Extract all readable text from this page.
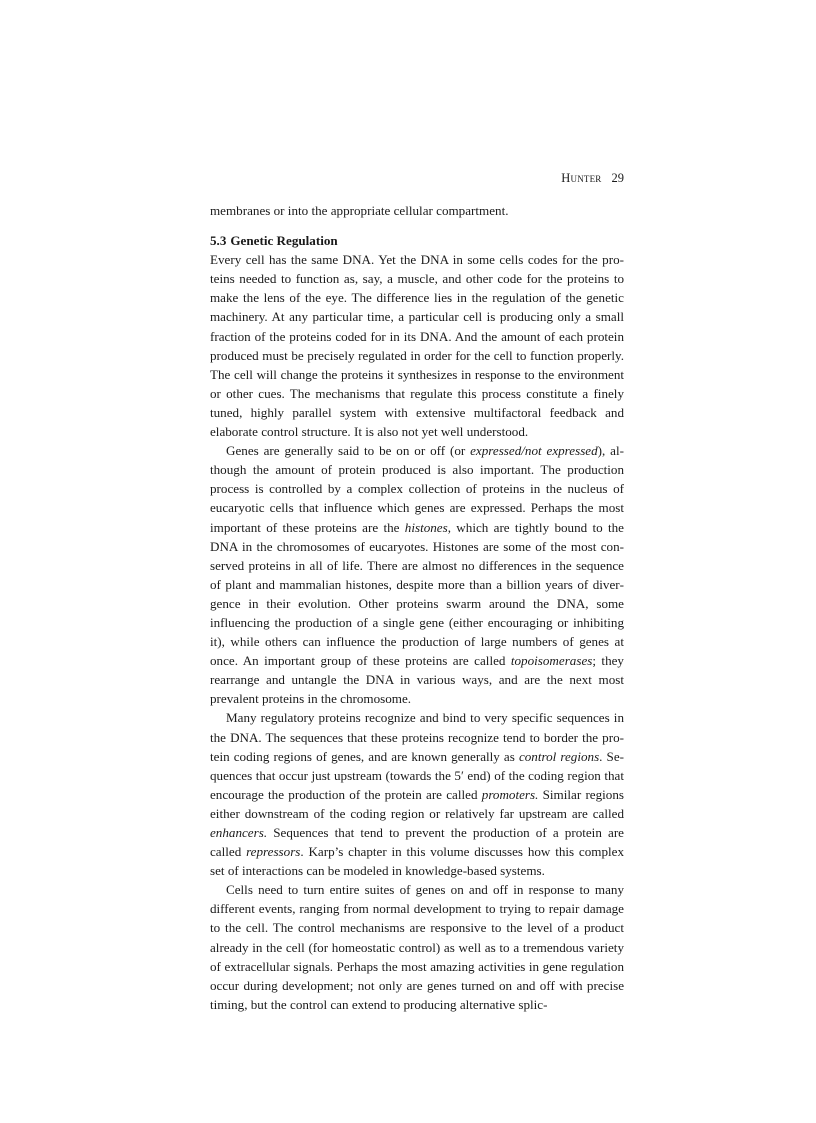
Hunter 29

membranes or into the appropriate cellular compartment.

5.3 Genetic Regulation

Every cell has the same DNA. Yet the DNA in some cells codes for the proteins needed to function as, say, a muscle, and other code for the proteins to make the lens of the eye. The difference lies in the regulation of the genetic machinery. At any particular time, a particular cell is producing only a small fraction of the proteins coded for in its DNA. And the amount of each protein produced must be precisely regulated in order for the cell to function properly. The cell will change the proteins it synthesizes in response to the environment or other cues. The mechanisms that regulate this process constitute a finely tuned, highly parallel system with extensive multifactoral feedback and elaborate control structure. It is also not yet well understood.

Genes are generally said to be on or off (or expressed/not expressed), although the amount of protein produced is also important. The production process is controlled by a complex collection of proteins in the nucleus of eucaryotic cells that influence which genes are expressed. Perhaps the most important of these proteins are the histones, which are tightly bound to the DNA in the chromosomes of eucaryotes. Histones are some of the most conserved proteins in all of life. There are almost no differences in the sequence of plant and mammalian histones, despite more than a billion years of divergence in their evolution. Other proteins swarm around the DNA, some influencing the production of a single gene (either encouraging or inhibiting it), while others can influence the production of large numbers of genes at once. An important group of these proteins are called topoisomerases; they rearrange and untangle the DNA in various ways, and are the next most prevalent proteins in the chromosome.

Many regulatory proteins recognize and bind to very specific sequences in the DNA. The sequences that these proteins recognize tend to border the protein coding regions of genes, and are known generally as control regions. Sequences that occur just upstream (towards the 5′ end) of the coding region that encourage the production of the protein are called promoters. Similar regions either downstream of the coding region or relatively far upstream are called enhancers. Sequences that tend to prevent the production of a protein are called repressors. Karp’s chapter in this volume discusses how this complex set of interactions can be modeled in knowledge-based systems.

Cells need to turn entire suites of genes on and off in response to many different events, ranging from normal development to trying to repair damage to the cell. The control mechanisms are responsive to the level of a product already in the cell (for homeostatic control) as well as to a tremendous variety of extracellular signals. Perhaps the most amazing activities in gene regulation occur during development; not only are genes turned on and off with precise timing, but the control can extend to producing alternative splic-
